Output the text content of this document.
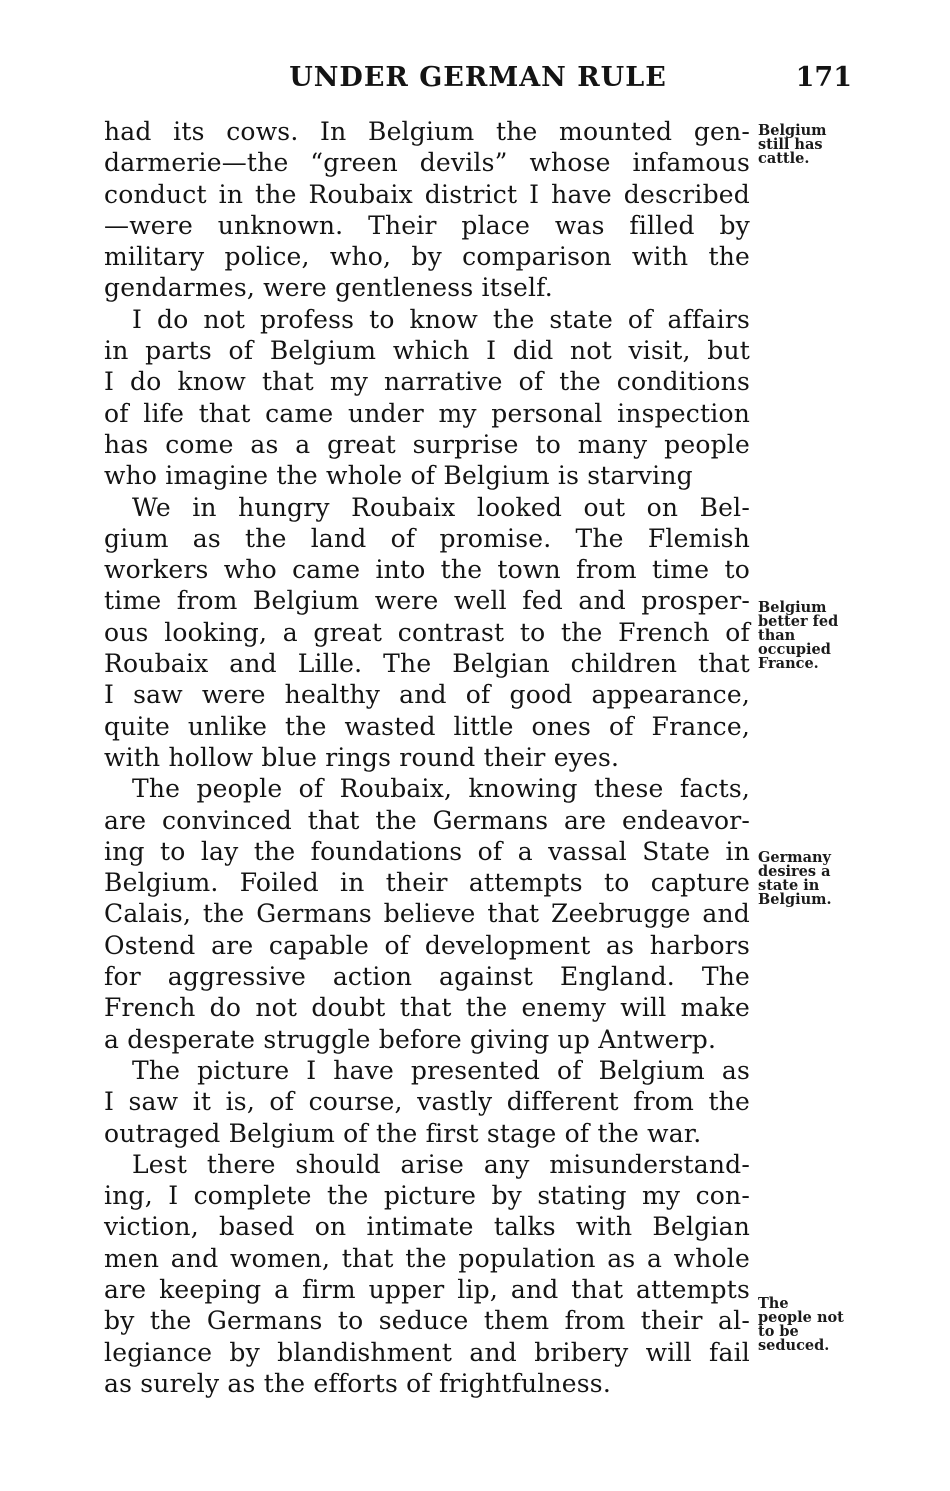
UNDER GERMAN RULE	171
had its cows. In Belgium the mounted gen-
darmerie—the “green devils” whose infamous
conduct in the Roubaix district I have described
—were unknown. Their place was filled by
military police, who, by comparison with the
gendarmes, were gentleness itself.
I do not profess to know the state of affairs
in parts of Belgium which I did not visit, but
I do know that my narrative of the conditions
of life that came under my personal inspection
has come as a great surprise to many people
who imagine the whole of Belgium is starving
We in hungry Roubaix looked out on Bel-
gium as the land of promise. The Flemish
workers who came into the town from time to
time from Belgium were well fed and prosper-
ous looking, a great contrast to the French of
Roubaix and Lille. The Belgian children that
I saw were healthy and of good appearance,
quite unlike the wasted little ones of France,
with hollow blue rings round their eyes.
The people of Roubaix, knowing these facts,
are convinced that the Germans are endeavor-
ing to lay the foundations of a vassal State in
Belgium. Foiled in their attempts to capture
Calais, the Germans believe that Zeebrugge and
Ostend are capable of development as harbors
for aggressive action against England. The
French do not doubt that the enemy will make
a desperate struggle before giving up Antwerp.
The picture I have presented of Belgium as
I saw it is, of course, vastly different from the
outraged Belgium of the first stage of the war.
Lest there should arise any misunderstand-
ing, I complete the picture by stating my con-
viction, based on intimate talks with Belgian
men and women, that the population as a whole
are keeping a firm upper lip, and that attempts
by the Germans to seduce them from their al-
legiance by blandishment and bribery will fail
as surely as the efforts of frightfulness.
Belgium
still has
cattle.
Belgium
better fed
than
occupied
France.
Germany
desires a
state in
Belgium.
The
people not
to be
seduced.
